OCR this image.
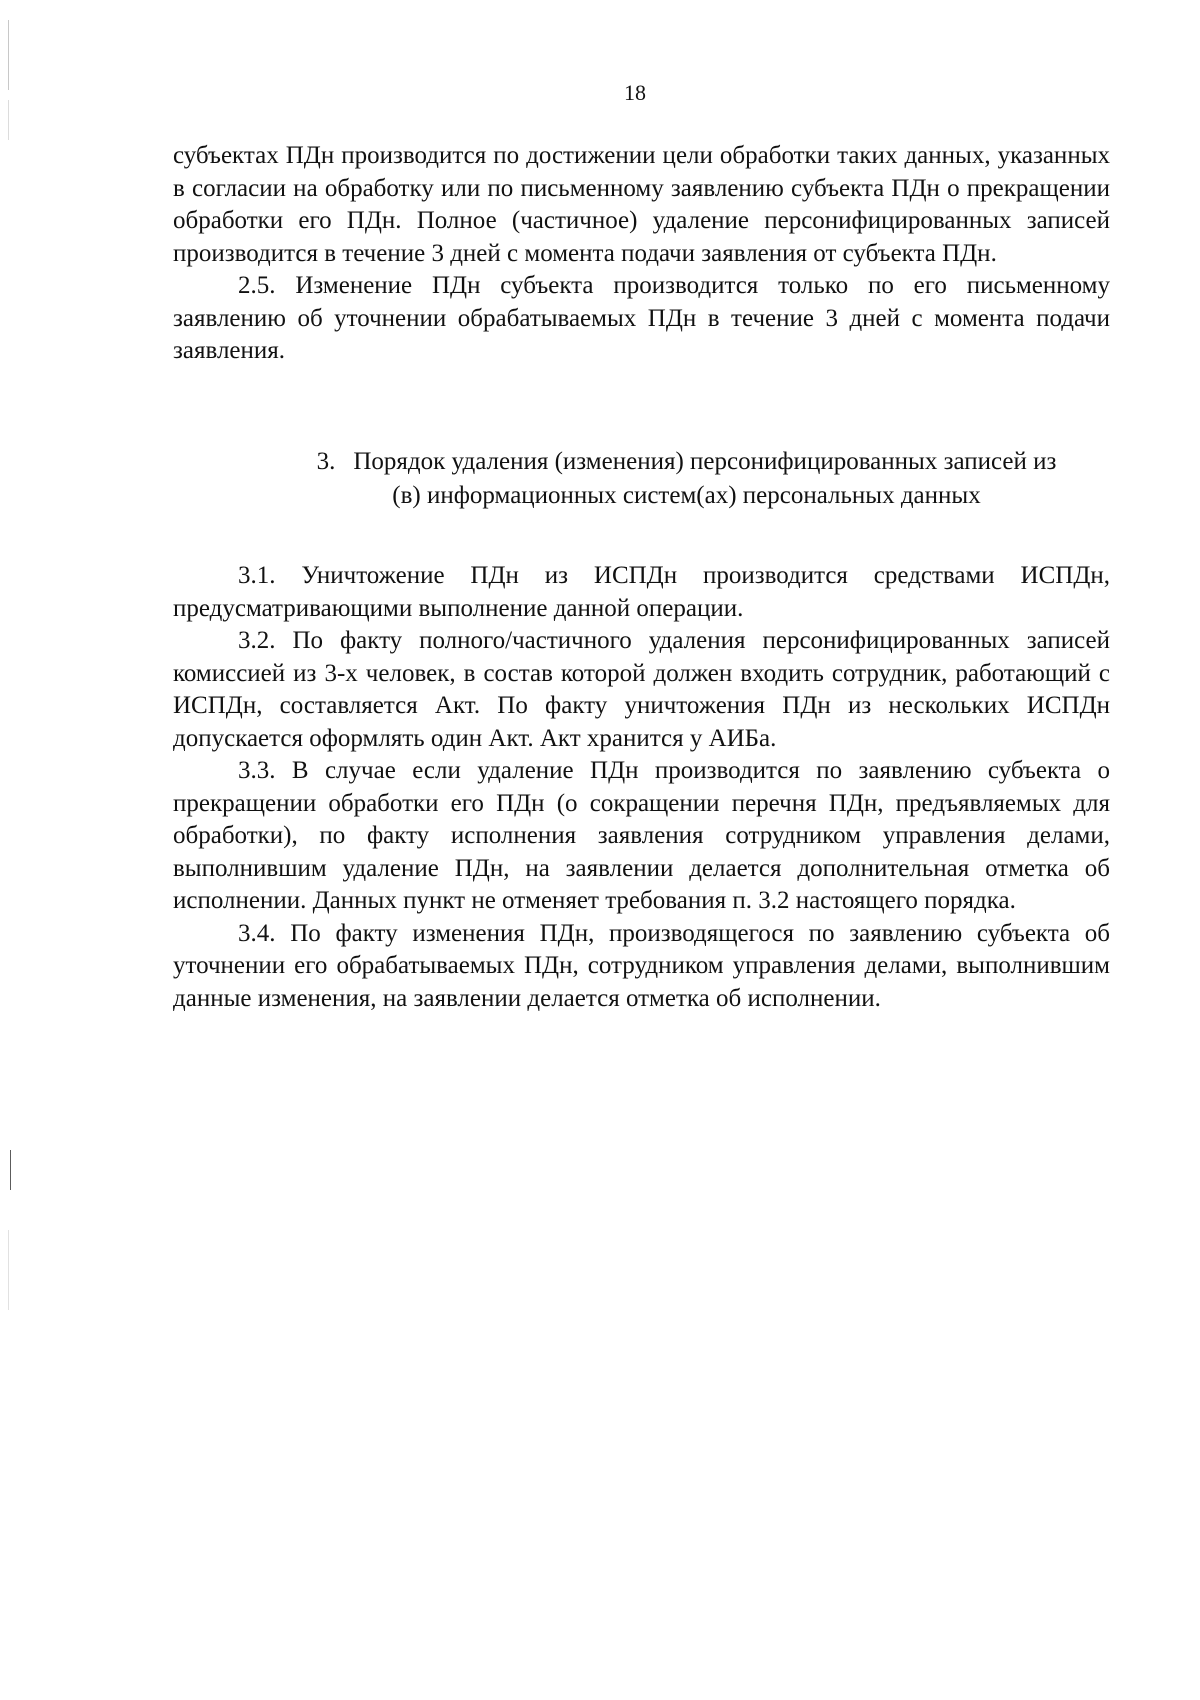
18

субъектах ПДн производится по достижении цели обработки таких данных, указанных в согласии на обработку или по письменному заявлению субъекта ПДн о прекращении обработки его ПДн. Полное (частичное) удаление персонифицированных записей производится в течение 3 дней с момента подачи заявления от субъекта ПДн.

2.5. Изменение ПДн субъекта производится только по его письменному заявлению об уточнении обрабатываемых ПДн в течение 3 дней с момента подачи заявления.

3. Порядок удаления (изменения) персонифицированных записей из
(в) информационных систем(ах) персональных данных

3.1. Уничтожение ПДн из ИСПДн производится средствами ИСПДн, предусматривающими выполнение данной операции.

3.2. По факту полного/частичного удаления персонифицированных записей комиссией из 3-х человек, в состав которой должен входить сотрудник, работающий с ИСПДн, составляется Акт. По факту уничтожения ПДн из нескольких ИСПДн допускается оформлять один Акт. Акт хранится у АИБа.

3.3. В случае если удаление ПДн производится по заявлению субъекта о прекращении обработки его ПДн (о сокращении перечня ПДн, предъявляемых для обработки), по факту исполнения заявления сотрудником управления делами, выполнившим удаление ПДн, на заявлении делается дополнительная отметка об исполнении. Данных пункт не отменяет требования п. 3.2 настоящего порядка.

3.4. По факту изменения ПДн, производящегося по заявлению субъекта об уточнении его обрабатываемых ПДн, сотрудником управления делами, выполнившим данные изменения, на заявлении делается отметка об исполнении.
